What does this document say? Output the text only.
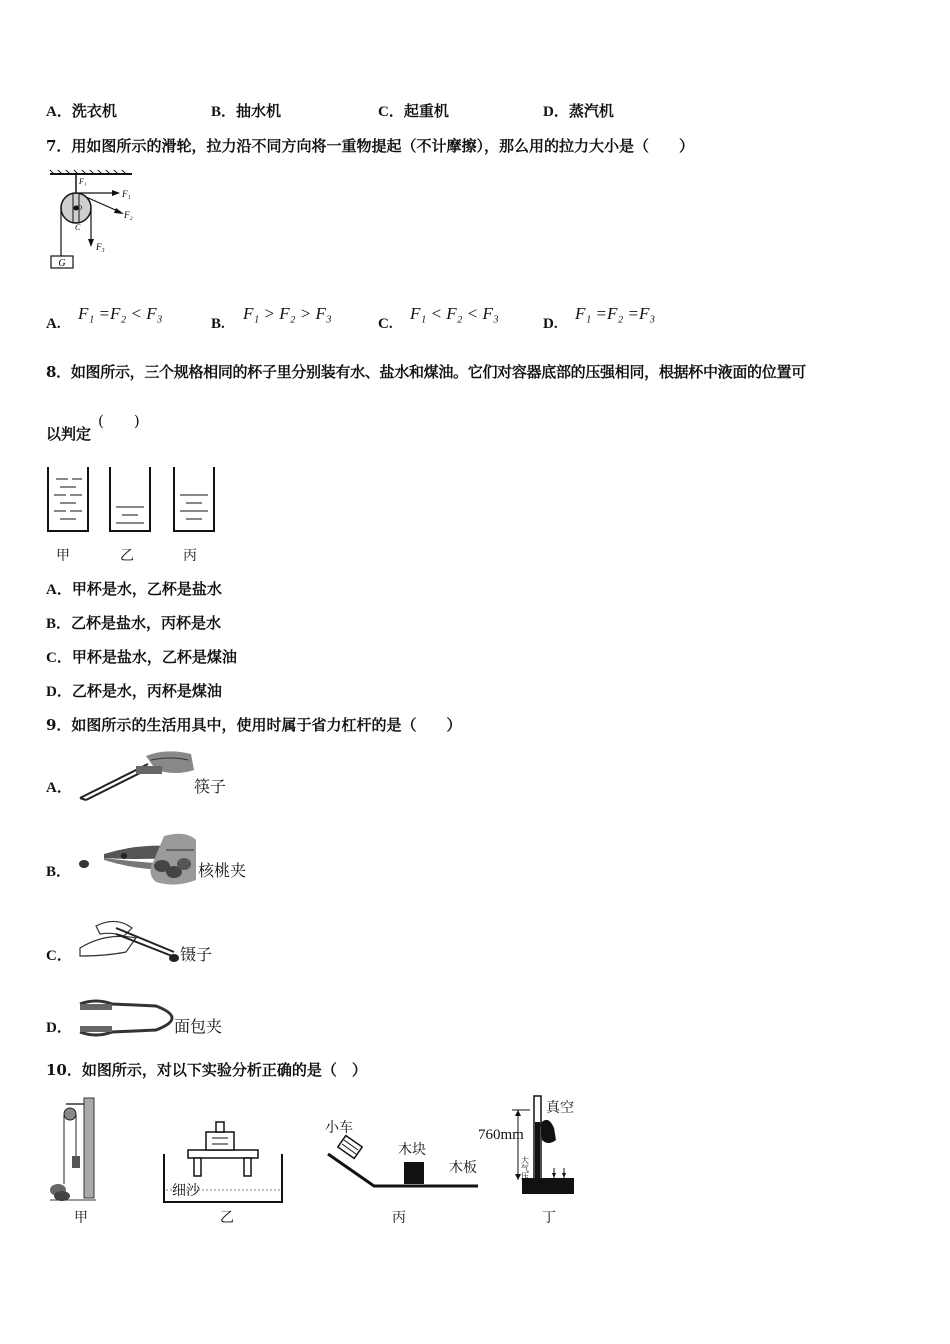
A．洗衣机	B．抽水机	C．起重机	D．蒸汽机
7．用如图所示的滑轮，拉力沿不同方向将一重物提起（不计摩擦），那么用的拉力大小是（　　）
G
F₁
F₂
F₃
F₁
O
C
A.
F₁ =F₂ < F₃
B.
F₁ > F₂ > F₃
C.
F₁ < F₂ < F₃
D.
F₁ =F₂ =F₃
8．如图所示，三个规格相同的杯子里分别装有水、盐水和煤油。它们对容器底部的压强相同，根据杯中液面的位置可
以判定
(　　)
甲	乙	丙
A．甲杯是水，乙杯是盐水
B．乙杯是盐水，丙杯是水
C．甲杯是盐水，乙杯是煤油
D．乙杯是水，丙杯是煤油
9．如图所示的生活用具中，使用时属于省力杠杆的是（　　）
A．	筷子
B．	核桃夹
C．	镊子
D．	面包夹
10．如图所示，对以下实验分析正确的是（　）
甲
细沙
乙
小车
木块
木板
丙
大气压
真空
760mm
丁
